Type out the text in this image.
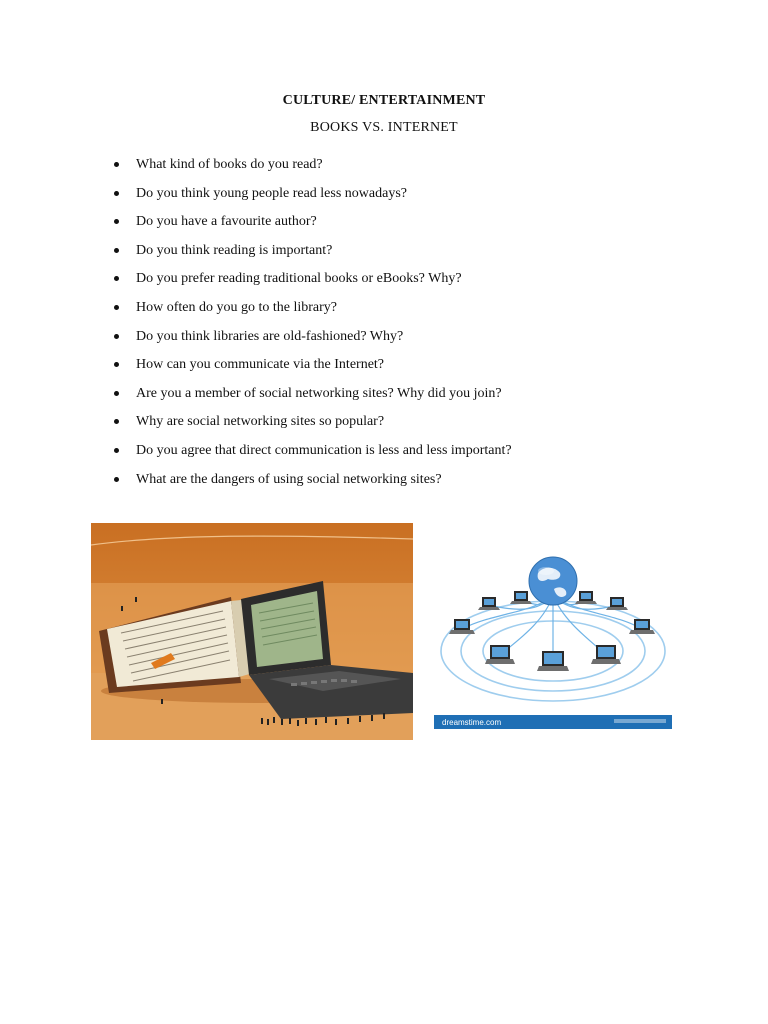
CULTURE/ ENTERTAINMENT
BOOKS VS. INTERNET
What kind of books do you read?
Do you think young people read less nowadays?
Do you have a favourite author?
Do you think reading is important?
Do you prefer reading traditional books or eBooks? Why?
How often do you go to the library?
Do you think libraries are old-fashioned? Why?
How can you communicate via the Internet?
Are you a member of social networking sites? Why did you join?
Why are social networking sites so popular?
Do you agree that direct communication is less and less important?
What are the dangers of using social networking sites?
dreamstime.com
